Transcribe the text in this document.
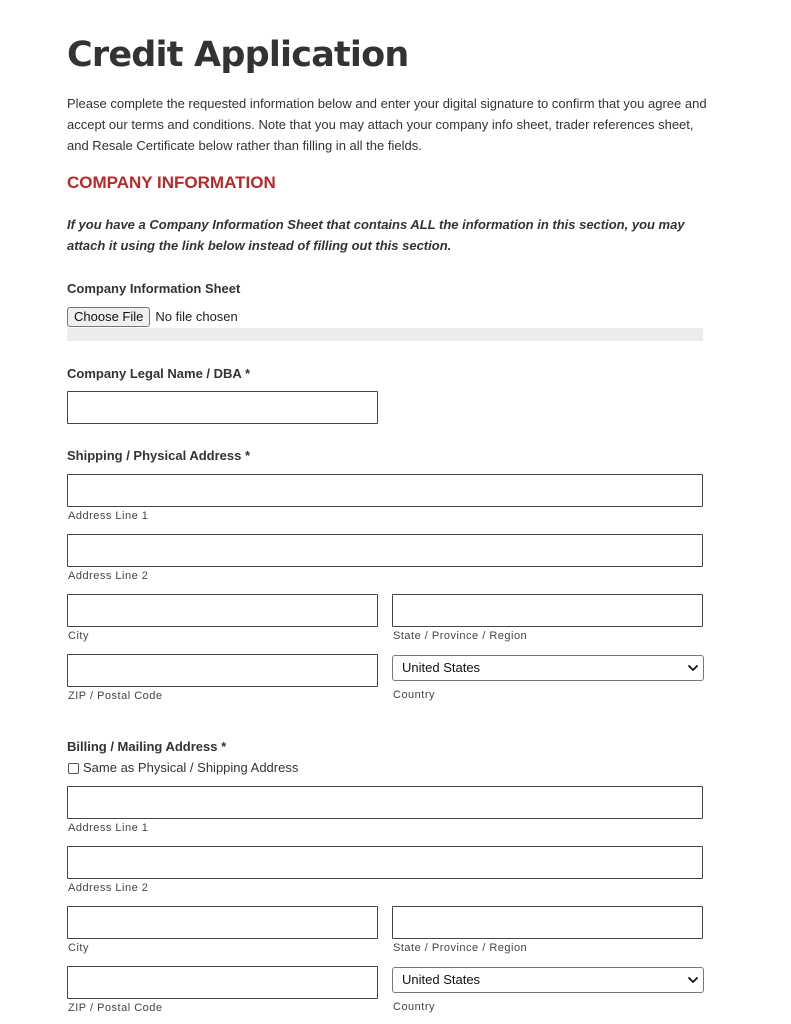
Credit Application

Please complete the requested information below and enter your digital signature to confirm that you agree and accept our terms and conditions. Note that you may attach your company info sheet, trader references sheet, and Resale Certificate below rather than filling in all the fields.

COMPANY INFORMATION

If you have a Company Information Sheet that contains ALL the information in this section, you may attach it using the link below instead of filling out this section.

Company Information Sheet
Choose File No file chosen
Company Legal Name / DBA *
Shipping / Physical Address *
Address Line 1
Address Line 2
City	State / Province / Region
ZIP / Postal Code
United States
Country
Billing / Mailing Address *
Same as Physical / Shipping Address
Address Line 1
Address Line 2
City	State / Province / Region
ZIP / Postal Code
United States
Country
